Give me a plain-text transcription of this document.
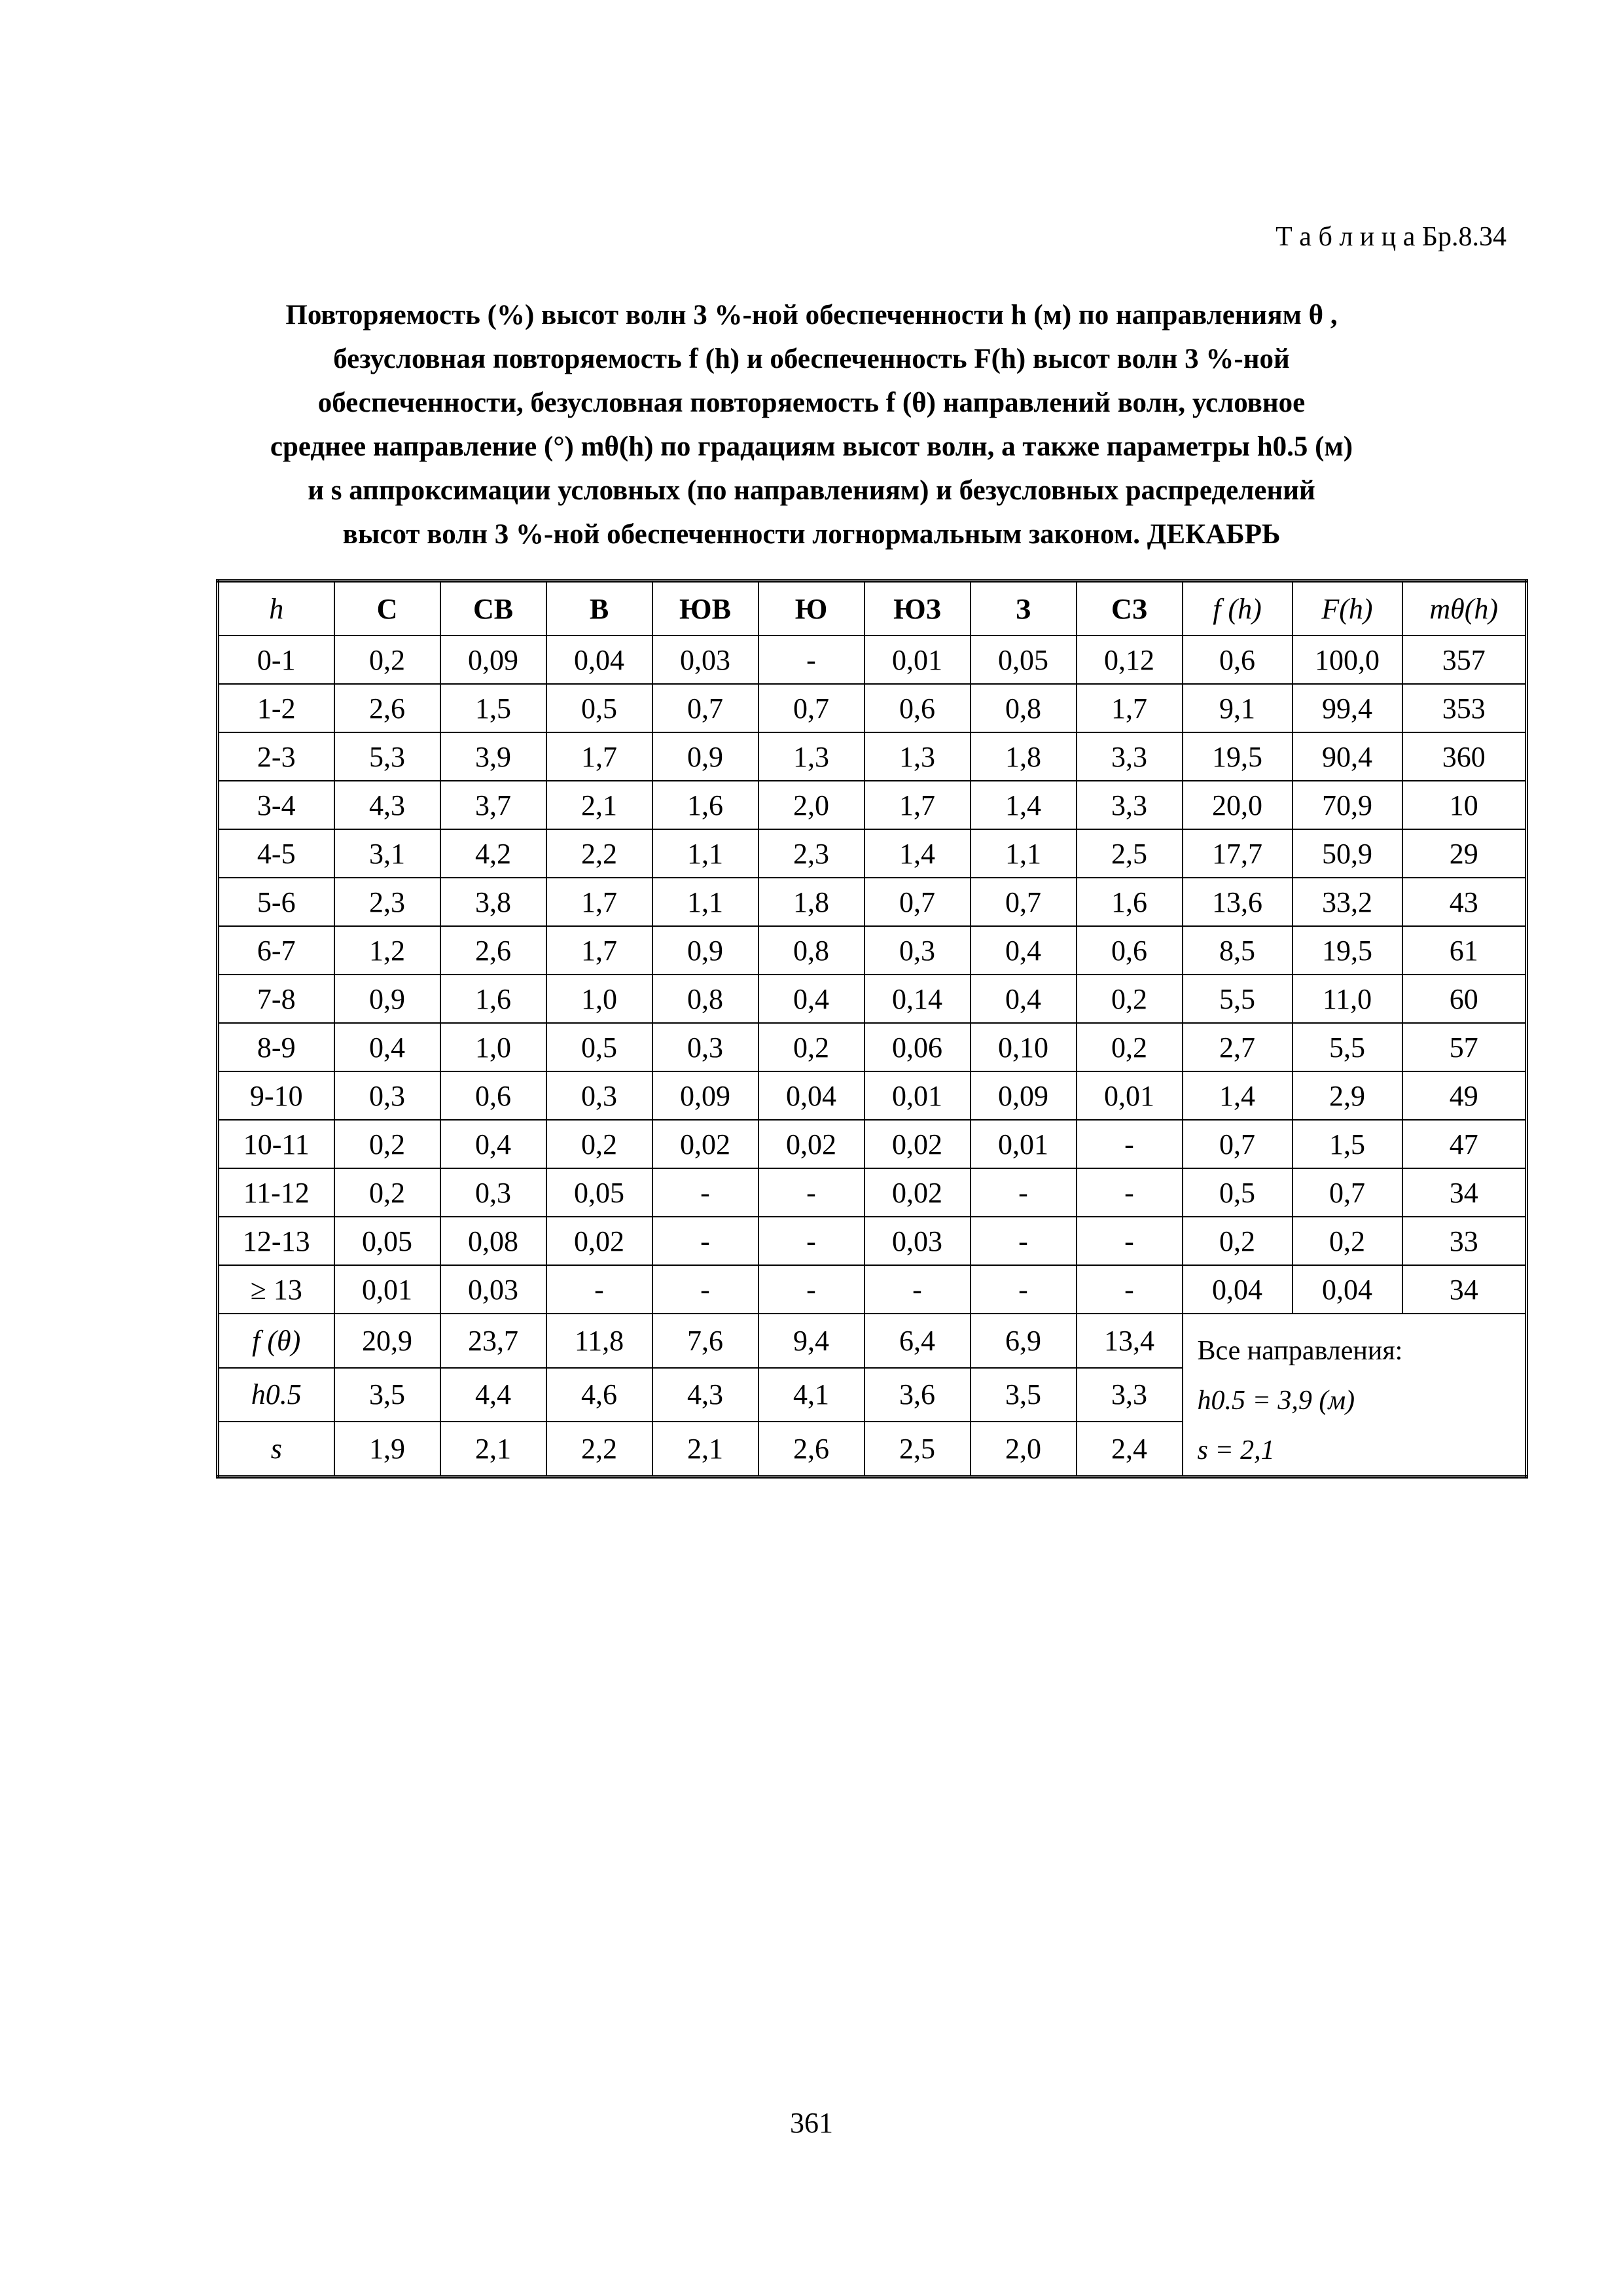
Т а б л и ц а Бр.8.34
Повторяемость (%) высот волн 3 %-ной обеспеченности h (м) по направлениям θ ,
безусловная повторяемость f (h) и обеспеченность F(h) высот волн 3 %-ной
обеспеченности, безусловная повторяемость f (θ) направлений волн, условное
среднее направление (°) mθ(h) по градациям высот волн, а также параметры h0.5 (м)
и s аппроксимации условных (по направлениям) и безусловных распределений
высот волн 3 %-ной обеспеченности логнормальным законом. ДЕКАБРЬ
h	С	СВ	В	ЮВ	Ю	ЮЗ	З	СЗ	f (h)	F(h)	mθ(h)
0-1	0,2	0,09	0,04	0,03	-	0,01	0,05	0,12	0,6	100,0	357
1-2	2,6	1,5	0,5	0,7	0,7	0,6	0,8	1,7	9,1	99,4	353
2-3	5,3	3,9	1,7	0,9	1,3	1,3	1,8	3,3	19,5	90,4	360
3-4	4,3	3,7	2,1	1,6	2,0	1,7	1,4	3,3	20,0	70,9	10
4-5	3,1	4,2	2,2	1,1	2,3	1,4	1,1	2,5	17,7	50,9	29
5-6	2,3	3,8	1,7	1,1	1,8	0,7	0,7	1,6	13,6	33,2	43
6-7	1,2	2,6	1,7	0,9	0,8	0,3	0,4	0,6	8,5	19,5	61
7-8	0,9	1,6	1,0	0,8	0,4	0,14	0,4	0,2	5,5	11,0	60
8-9	0,4	1,0	0,5	0,3	0,2	0,06	0,10	0,2	2,7	5,5	57
9-10	0,3	0,6	0,3	0,09	0,04	0,01	0,09	0,01	1,4	2,9	49
10-11	0,2	0,4	0,2	0,02	0,02	0,02	0,01	-	0,7	1,5	47
11-12	0,2	0,3	0,05	-	-	0,02	-	-	0,5	0,7	34
12-13	0,05	0,08	0,02	-	-	0,03	-	-	0,2	0,2	33
≥ 13	0,01	0,03	-	-	-	-	-	-	0,04	0,04	34
f (θ)	20,9	23,7	11,8	7,6	9,4	6,4	6,9	13,4	Все направления:
h0.5 = 3,9 (м)
s = 2,1		

h0.5	3,5	4,4	4,6	4,3	4,1	3,6	3,5	3,3			
s	1,9	2,1	2,2	2,1	2,6	2,5	2,0	2,4			
361
